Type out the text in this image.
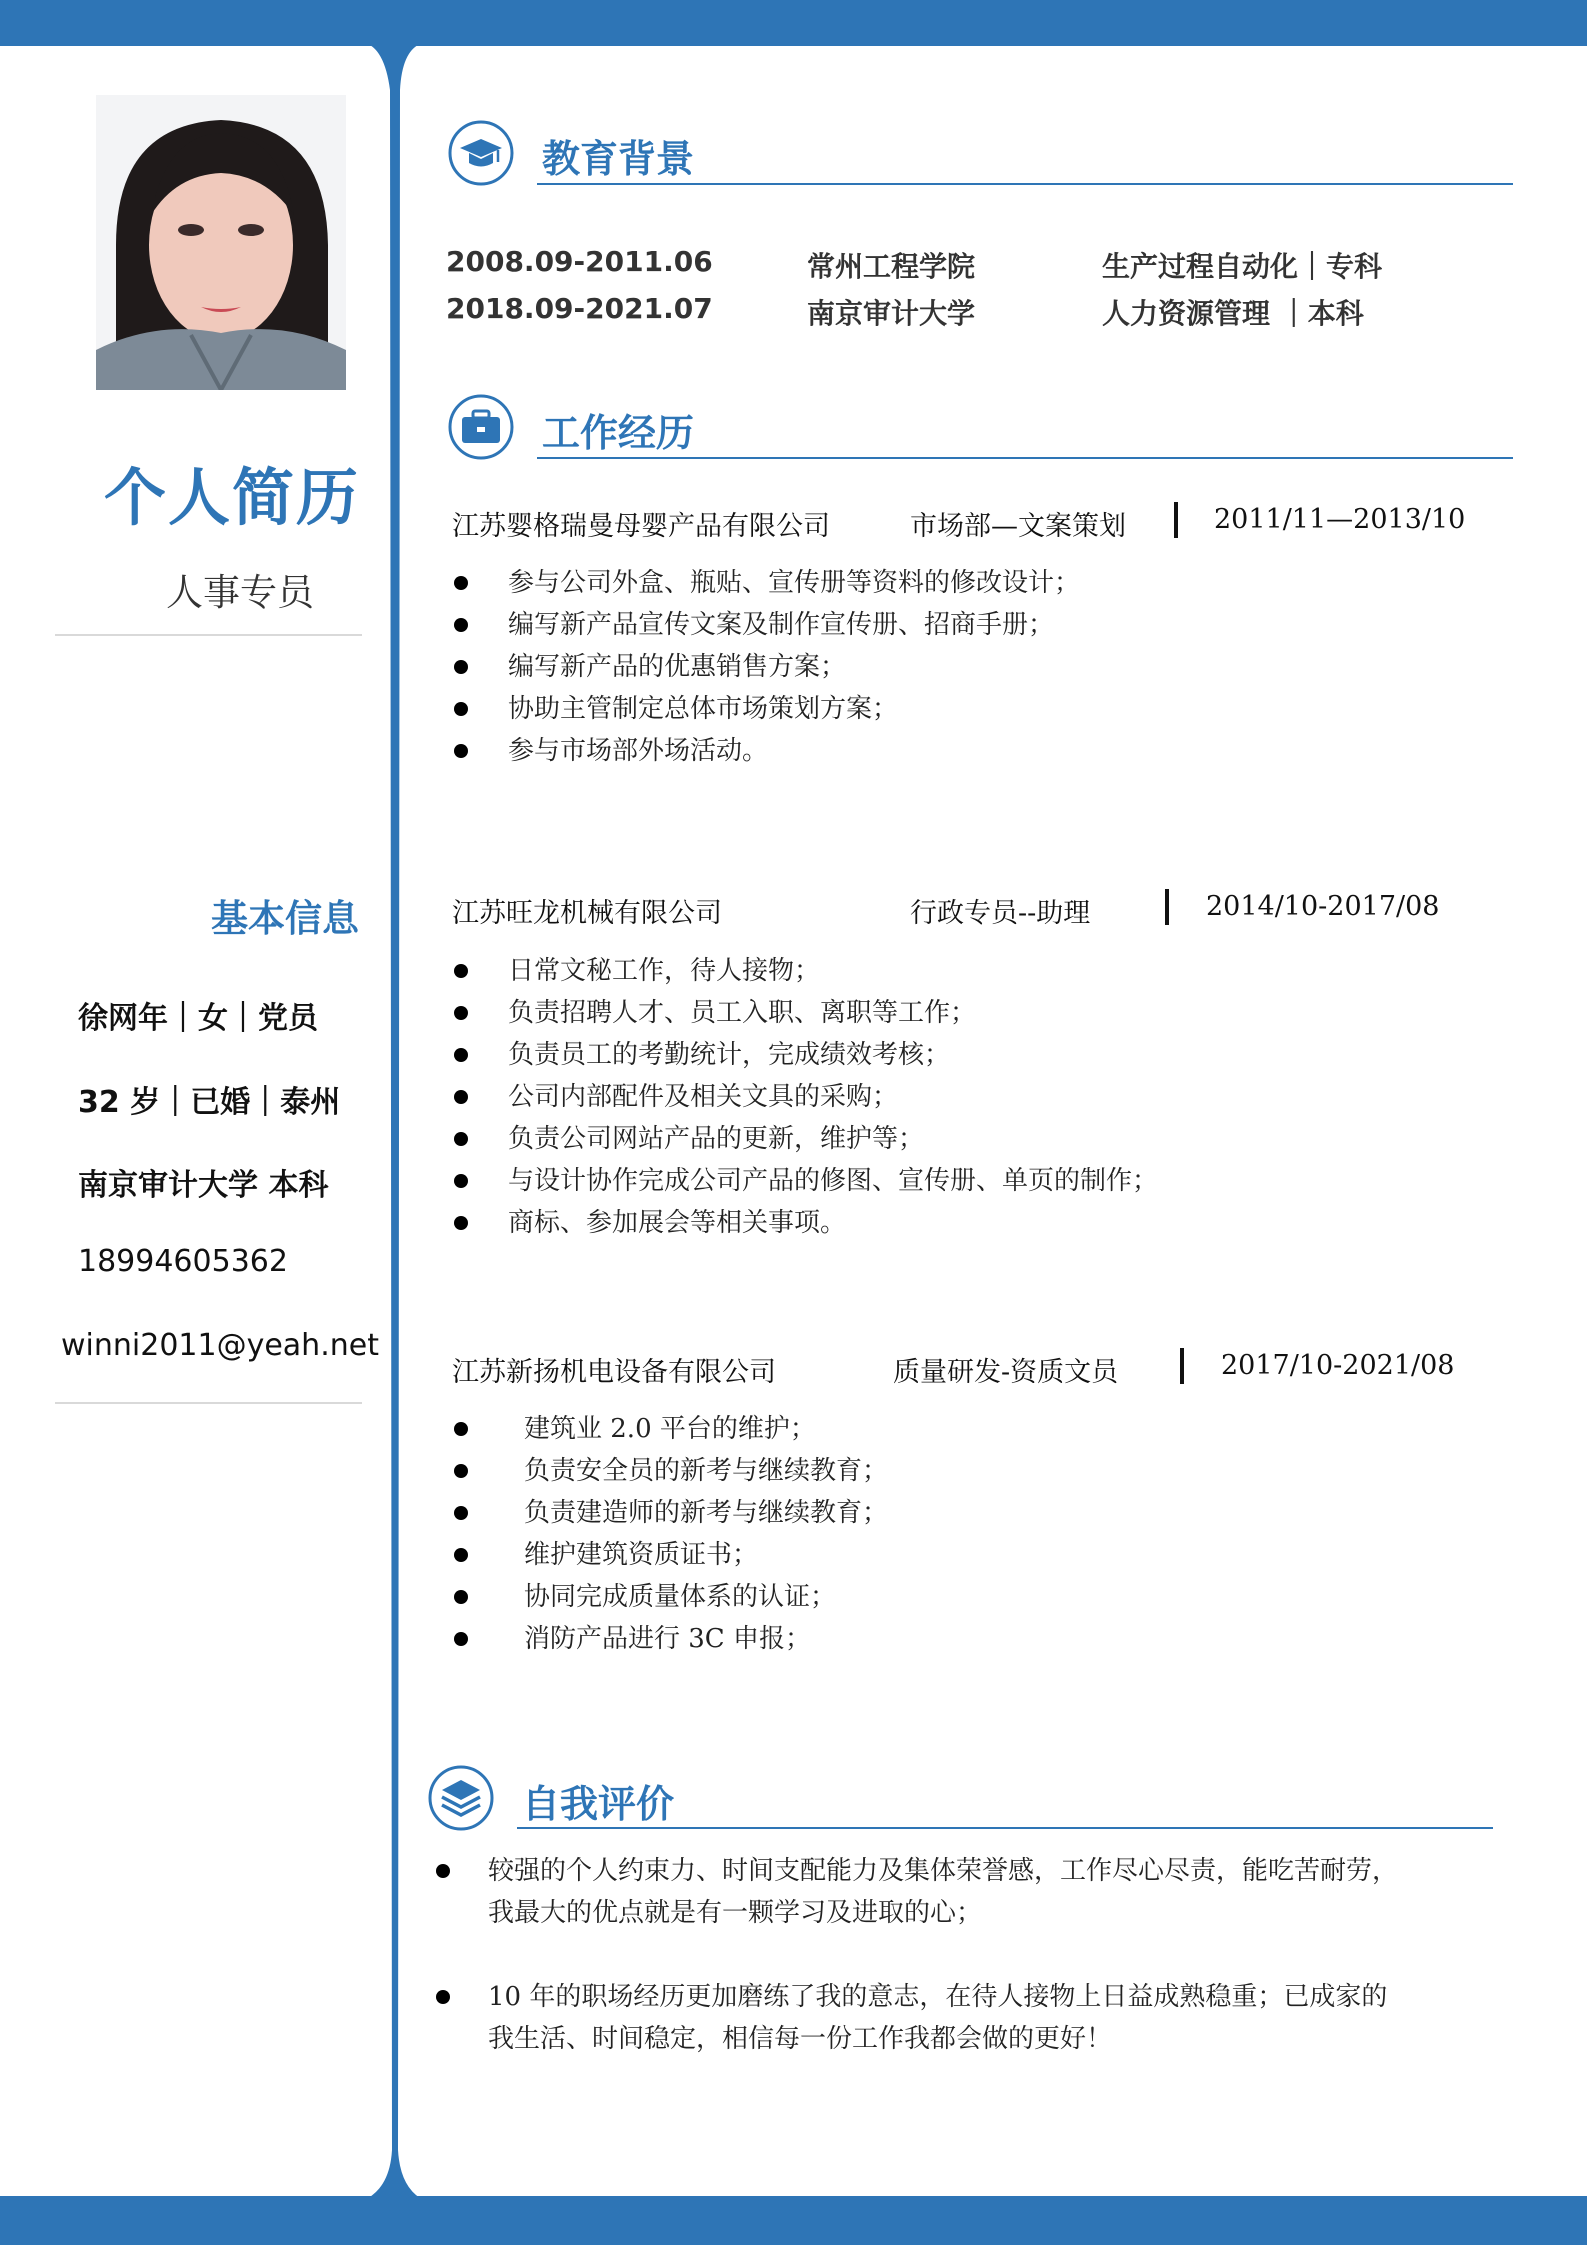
个人简历
人事专员
基本信息
徐网年｜女｜党员
32 岁｜已婚｜泰州
南京审计大学 本科
18994605362
winni2011@yeah.net
教育背景
2008.09-2011.06	常州工程学院	生产过程自动化｜专科
2018.09-2021.07	南京审计大学	人力资源管理 ｜本科
工作经历
江苏婴格瑞曼母婴产品有限公司	市场部—文案策划	2011/11—2013/10
参与公司外盒、瓶贴、宣传册等资料的修改设计；
编写新产品宣传文案及制作宣传册、招商手册；
编写新产品的优惠销售方案；
协助主管制定总体市场策划方案；
参与市场部外场活动。
江苏旺龙机械有限公司	行政专员--助理	2014/10-2017/08
日常文秘工作，待人接物；
负责招聘人才、员工入职、离职等工作；
负责员工的考勤统计，完成绩效考核；
公司内部配件及相关文具的采购；
负责公司网站产品的更新，维护等；
与设计协作完成公司产品的修图、宣传册、单页的制作；
商标、参加展会等相关事项。
江苏新扬机电设备有限公司	质量研发-资质文员	2017/10-2021/08
建筑业 2.0 平台的维护；
负责安全员的新考与继续教育；
负责建造师的新考与继续教育；
维护建筑资质证书；
协同完成质量体系的认证；
消防产品进行 3C 申报；
自我评价
较强的个人约束力、时间支配能力及集体荣誉感，工作尽心尽责，能吃苦耐劳，
我最大的优点就是有一颗学习及进取的心；
10 年的职场经历更加磨练了我的意志，在待人接物上日益成熟稳重；已成家的
我生活、时间稳定，相信每一份工作我都会做的更好！
